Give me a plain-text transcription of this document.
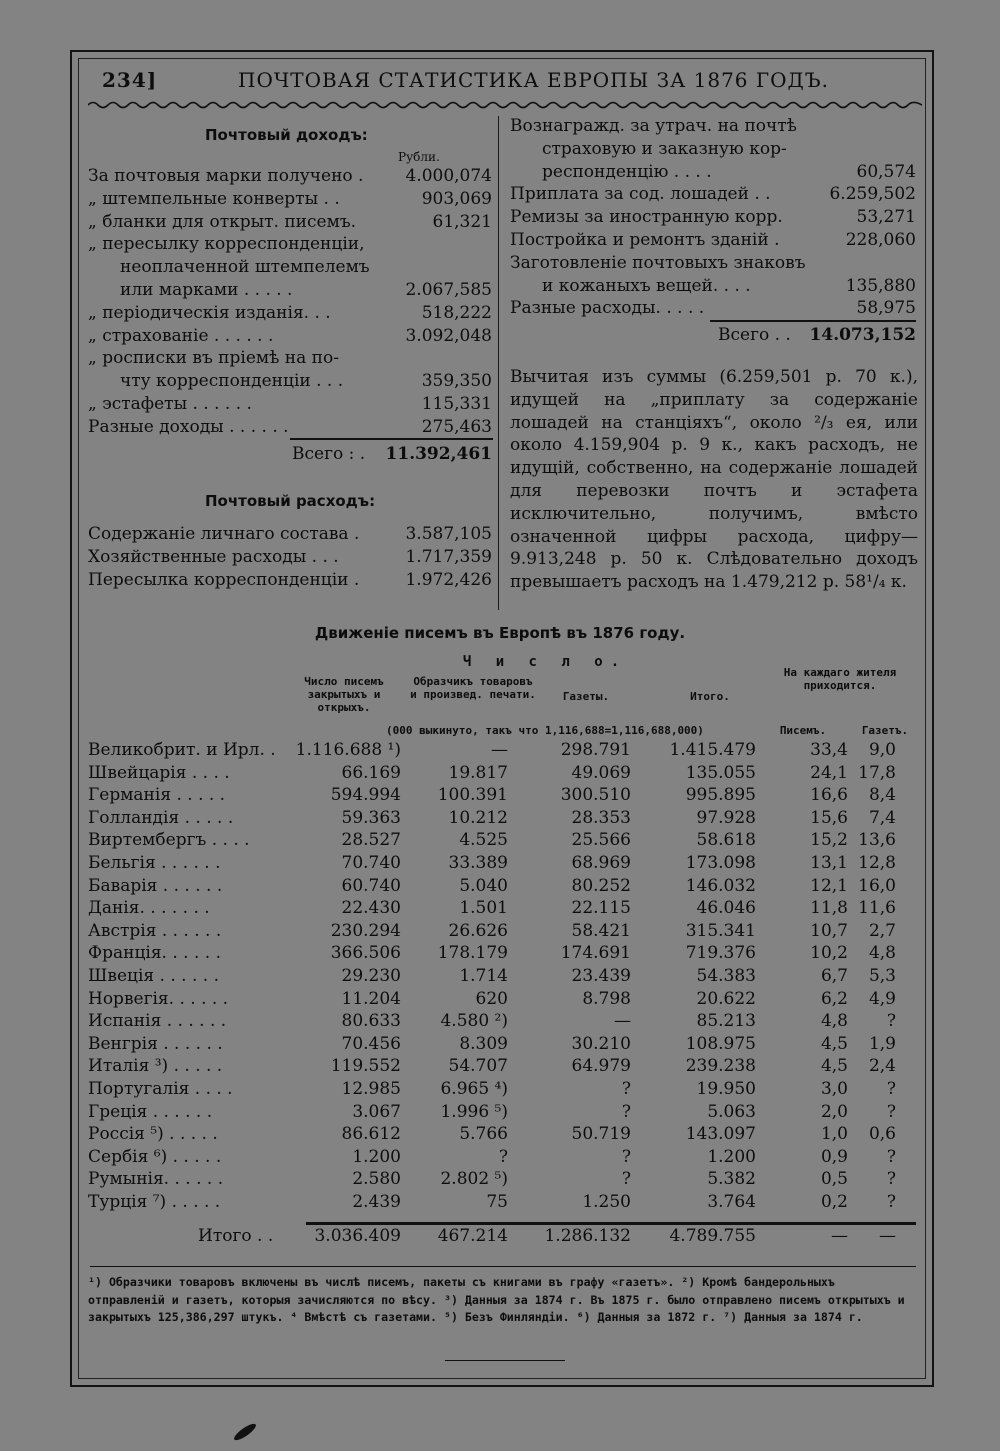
234]	ПОЧТОВАЯ СТАТИСТИКА ЕВРОПЫ ЗА 1876 ГОДЪ.
Почтовый доходъ:
Рубли.
За почтовыя марки получено . 4.000,074
„ штемпельные конверты . .	903,069
„ бланки для открыт. писемъ.	61,321
„ пересылку корреспонденціи,
неоплаченной штемпелемъ
или марками . . . . .	2.067,585
„ періодическія изданія. . .	518,222
„ страхованіе . . . . . .	3.092,048
„ росписки въ пріемѣ на по-
чту корреспонденціи . . .	359,350
„ эстафеты . . . . . .	115,331
Разные доходы . . . . . .	275,463
Всего : . 11.392,461
Почтовый расходъ:
Содержаніе личнаго состава .	3.587,105
Хозяйственные расходы . . .	1.717,359
Пересылка корреспонденціи .	1.972,426
Вознагражд. за утрач. на почтѣ
страховую и заказную кор-
респонденцію . . . .	60,574
Приплата за сод. лошадей . .	6.259,502
Ремизы за иностранную корр.	53,271
Постройка и ремонтъ зданій .	228,060
Заготовленіе почтовыхъ знаковъ
и кожаныхъ вещей. . . .	135,880
Разные расходы. . . . .	58,975
Всего . . 14.073,152
Вычитая изъ суммы (6.259,501 р. 70 к.), идущей на „приплату за содержаніе лошадей на станціяхъ“, около ²/₃ ея, или около 4.159,904 р. 9 к., какъ расходъ, не идущій, собственно, на содержаніе лошадей для перевозки почтъ и эстафета исключительно, получимъ, вмѣсто означенной цифры расхода, цифру—9.913,248 р. 50 к. Слѣдовательно доходъ превышаетъ расходъ на 1.479,212 р. 58¹/₄ к.
Движеніе писемъ въ Европѣ въ 1876 году.
Ч и с л о.
Число писемъ закрытыхъ и открыхъ.
Образчикъ товаровъ и произвед. печати.	Газеты.	Итого.
На каждаго жителя приходится.
(000 выкинуто, такъ что 1,116,688=1,116,688,000)	Писемъ.	Газетъ.
Великобрит. и Ирл. . 1.116.688 ¹)	—	298.791 1.415.479	33,4 9,0
Швейцарія . . . .	66.169	19.817	49.069	135.055	24,1 17,8
Германія . . . . .	594.994 100.391	300.510	995.895	16,6 8,4
Голландія . . . . .	59.363	10.212	28.353	97.928	15,6 7,4
Виртембергъ . . . .	28.527	4.525	25.566	58.618	15,2 13,6
Бельгія . . . . . .	70.740	33.389	68.969	173.098	13,1 12,8
Баварія . . . . . .	60.740	5.040	80.252	146.032	12,1 16,0
Данія. . . . . . .	22.430	1.501	22.115	46.046	11,8 11,6
Австрія . . . . . .	230.294	26.626	58.421	315.341	10,7 2,7
Франція. . . . . .	366.506 178.179	174.691	719.376	10,2 4,8
Швеція . . . . . .	29.230	1.714	23.439	54.383	6,7 5,3
Норвегія. . . . . .	11.204	620	8.798	20.622	6,2 4,9
Испанія . . . . . .	80.633 4.580 ²)	—	85.213	4,8 ?
Венгрія . . . . . .	70.456	8.309	30.210	108.975	4,5 1,9
Италія ³) . . . . .	119.552	54.707	64.979	239.238	4,5 2,4
Португалія . . . .	12.985 6.965 ⁴)	?	19.950	3,0 ?
Греція . . . . . .	3.067 1.996 ⁵)	?	5.063	2,0 ?
Россія ⁵) . . . . .	86.612	5.766	50.719	143.097	1,0 0,6
Сербія ⁶) . . . . .	1.200	?	?	1.200	0,9 ?
Румынія. . . . . .	2.580 2.802 ⁵)	?	5.382	0,5 ?
Турція ⁷) . . . . .	2.439	75	1.250	3.764	0,2 ?
Итого . . 3.036.409 467.214 1.286.132 4.789.755	— —
¹) Образчики товаровъ включены въ числѣ писемъ, пакеты съ книгами въ графу «газетъ». ²) Кромѣ бандерольныхъ отправленій и газетъ, которыя зачисляются по вѣсу. ³) Данныя за 1874 г. Въ 1875 г. было отправлено писемъ открытыхъ и закрытыхъ 125,386,297 штукъ. ⁴ Вмѣстѣ съ газетами. ⁵) Безъ Финляндіи. ⁶) Данныя за 1872 г. ⁷) Данныя за 1874 г.
